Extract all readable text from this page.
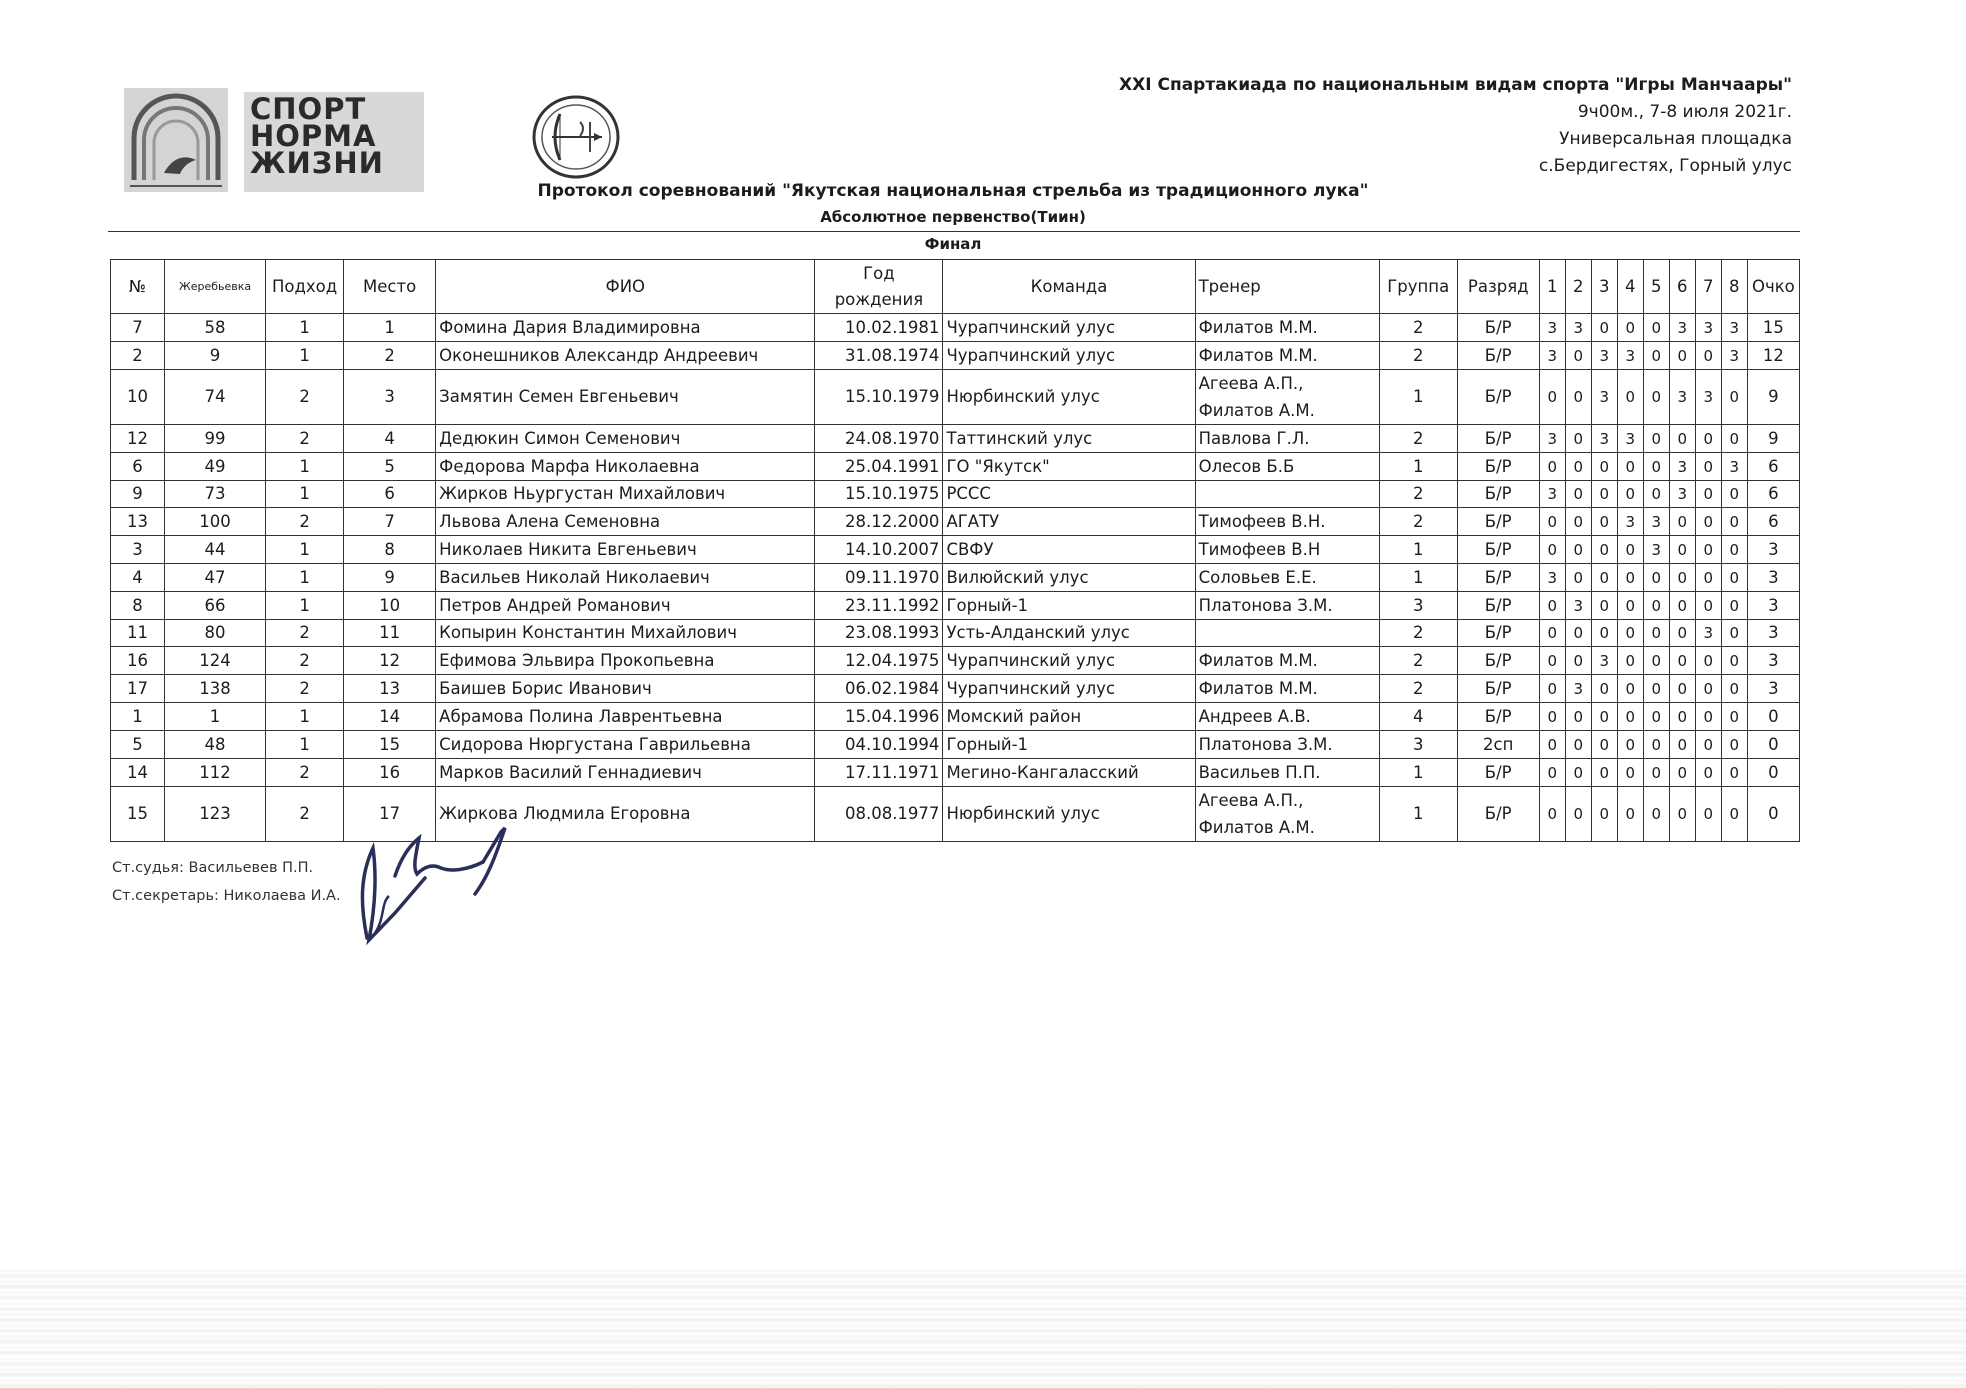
СПОРТ
НОРМА
ЖИЗНИ
XXI Спартакиада по национальным видам спорта "Игры Манчаары"
9ч00м., 7-8 июля 2021г.
Универсальная площадка
с.Бердигестях, Горный улус
Протокол соревнований "Якутская национальная стрельба из традиционного лука"
Абсолютное первенство(Тиин)
Финал
№	Жеребьевка	Подход	Место	ФИО	Год рождения	Команда	Тренер	Группа	Разряд	1	2	3	4	5	6	7	8	Очко
7	58	1	1	Фомина Дария Владимировна	10.02.1981	Чурапчинский улус	Филатов М.М.	2	Б/Р	3	3	0	0	0	3	3	3	15
2	9	1	2	Оконешников Александр Андреевич	31.08.1974	Чурапчинский улус	Филатов М.М.	2	Б/Р	3	0	3	3	0	0	0	3	12
10	74	2	3	Замятин Семен Евгеньевич	15.10.1979	Нюрбинский улус	Агеева А.П., Филатов А.М.	1	Б/Р	0	0	3	0	0	3	3	0	9
12	99	2	4	Дедюкин Симон Семенович	24.08.1970	Таттинский улус	Павлова Г.Л.	2	Б/Р	3	0	3	3	0	0	0	0	9
6	49	1	5	Федорова Марфа Николаевна	25.04.1991	ГО "Якутск"	Олесов Б.Б	1	Б/Р	0	0	0	0	0	3	0	3	6
9	73	1	6	Жирков Ньургустан Михайлович	15.10.1975	РССС		2	Б/Р	3	0	0	0	0	3	0	0	6
13	100	2	7	Львова Алена Семеновна	28.12.2000	АГАТУ	Тимофеев В.Н.	2	Б/Р	0	0	0	3	3	0	0	0	6
3	44	1	8	Николаев Никита Евгеньевич	14.10.2007	СВФУ	Тимофеев В.Н	1	Б/Р	0	0	0	0	3	0	0	0	3
4	47	1	9	Васильев Николай Николаевич	09.11.1970	Вилюйский улус	Соловьев Е.Е.	1	Б/Р	3	0	0	0	0	0	0	0	3
8	66	1	10	Петров Андрей Романович	23.11.1992	Горный-1	Платонова З.М.	3	Б/Р	0	3	0	0	0	0	0	0	3
11	80	2	11	Копырин Константин Михайлович	23.08.1993	Усть-Алданский улус		2	Б/Р	0	0	0	0	0	0	3	0	3
16	124	2	12	Ефимова Эльвира Прокопьевна	12.04.1975	Чурапчинский улус	Филатов М.М.	2	Б/Р	0	0	3	0	0	0	0	0	3
17	138	2	13	Баишев Борис Иванович	06.02.1984	Чурапчинский улус	Филатов М.М.	2	Б/Р	0	3	0	0	0	0	0	0	3
1	1	1	14	Абрамова Полина Лаврентьевна	15.04.1996	Момский район	Андреев А.В.	4	Б/Р	0	0	0	0	0	0	0	0	0
5	48	1	15	Сидорова Нюргустана Гаврильевна	04.10.1994	Горный-1	Платонова З.М.	3	2сп	0	0	0	0	0	0	0	0	0
14	112	2	16	Марков Василий Геннадиевич	17.11.1971	Мегино-Кангаласский	Васильев П.П.	1	Б/Р	0	0	0	0	0	0	0	0	0
15	123	2	17	Жиркова Людмила Егоровна	08.08.1977	Нюрбинский улус	Агеева А.П., Филатов А.М.	1	Б/Р	0	0	0	0	0	0	0	0	0
Ст.судья: Васильевев П.П.
Ст.секретарь: Николаева И.А.
